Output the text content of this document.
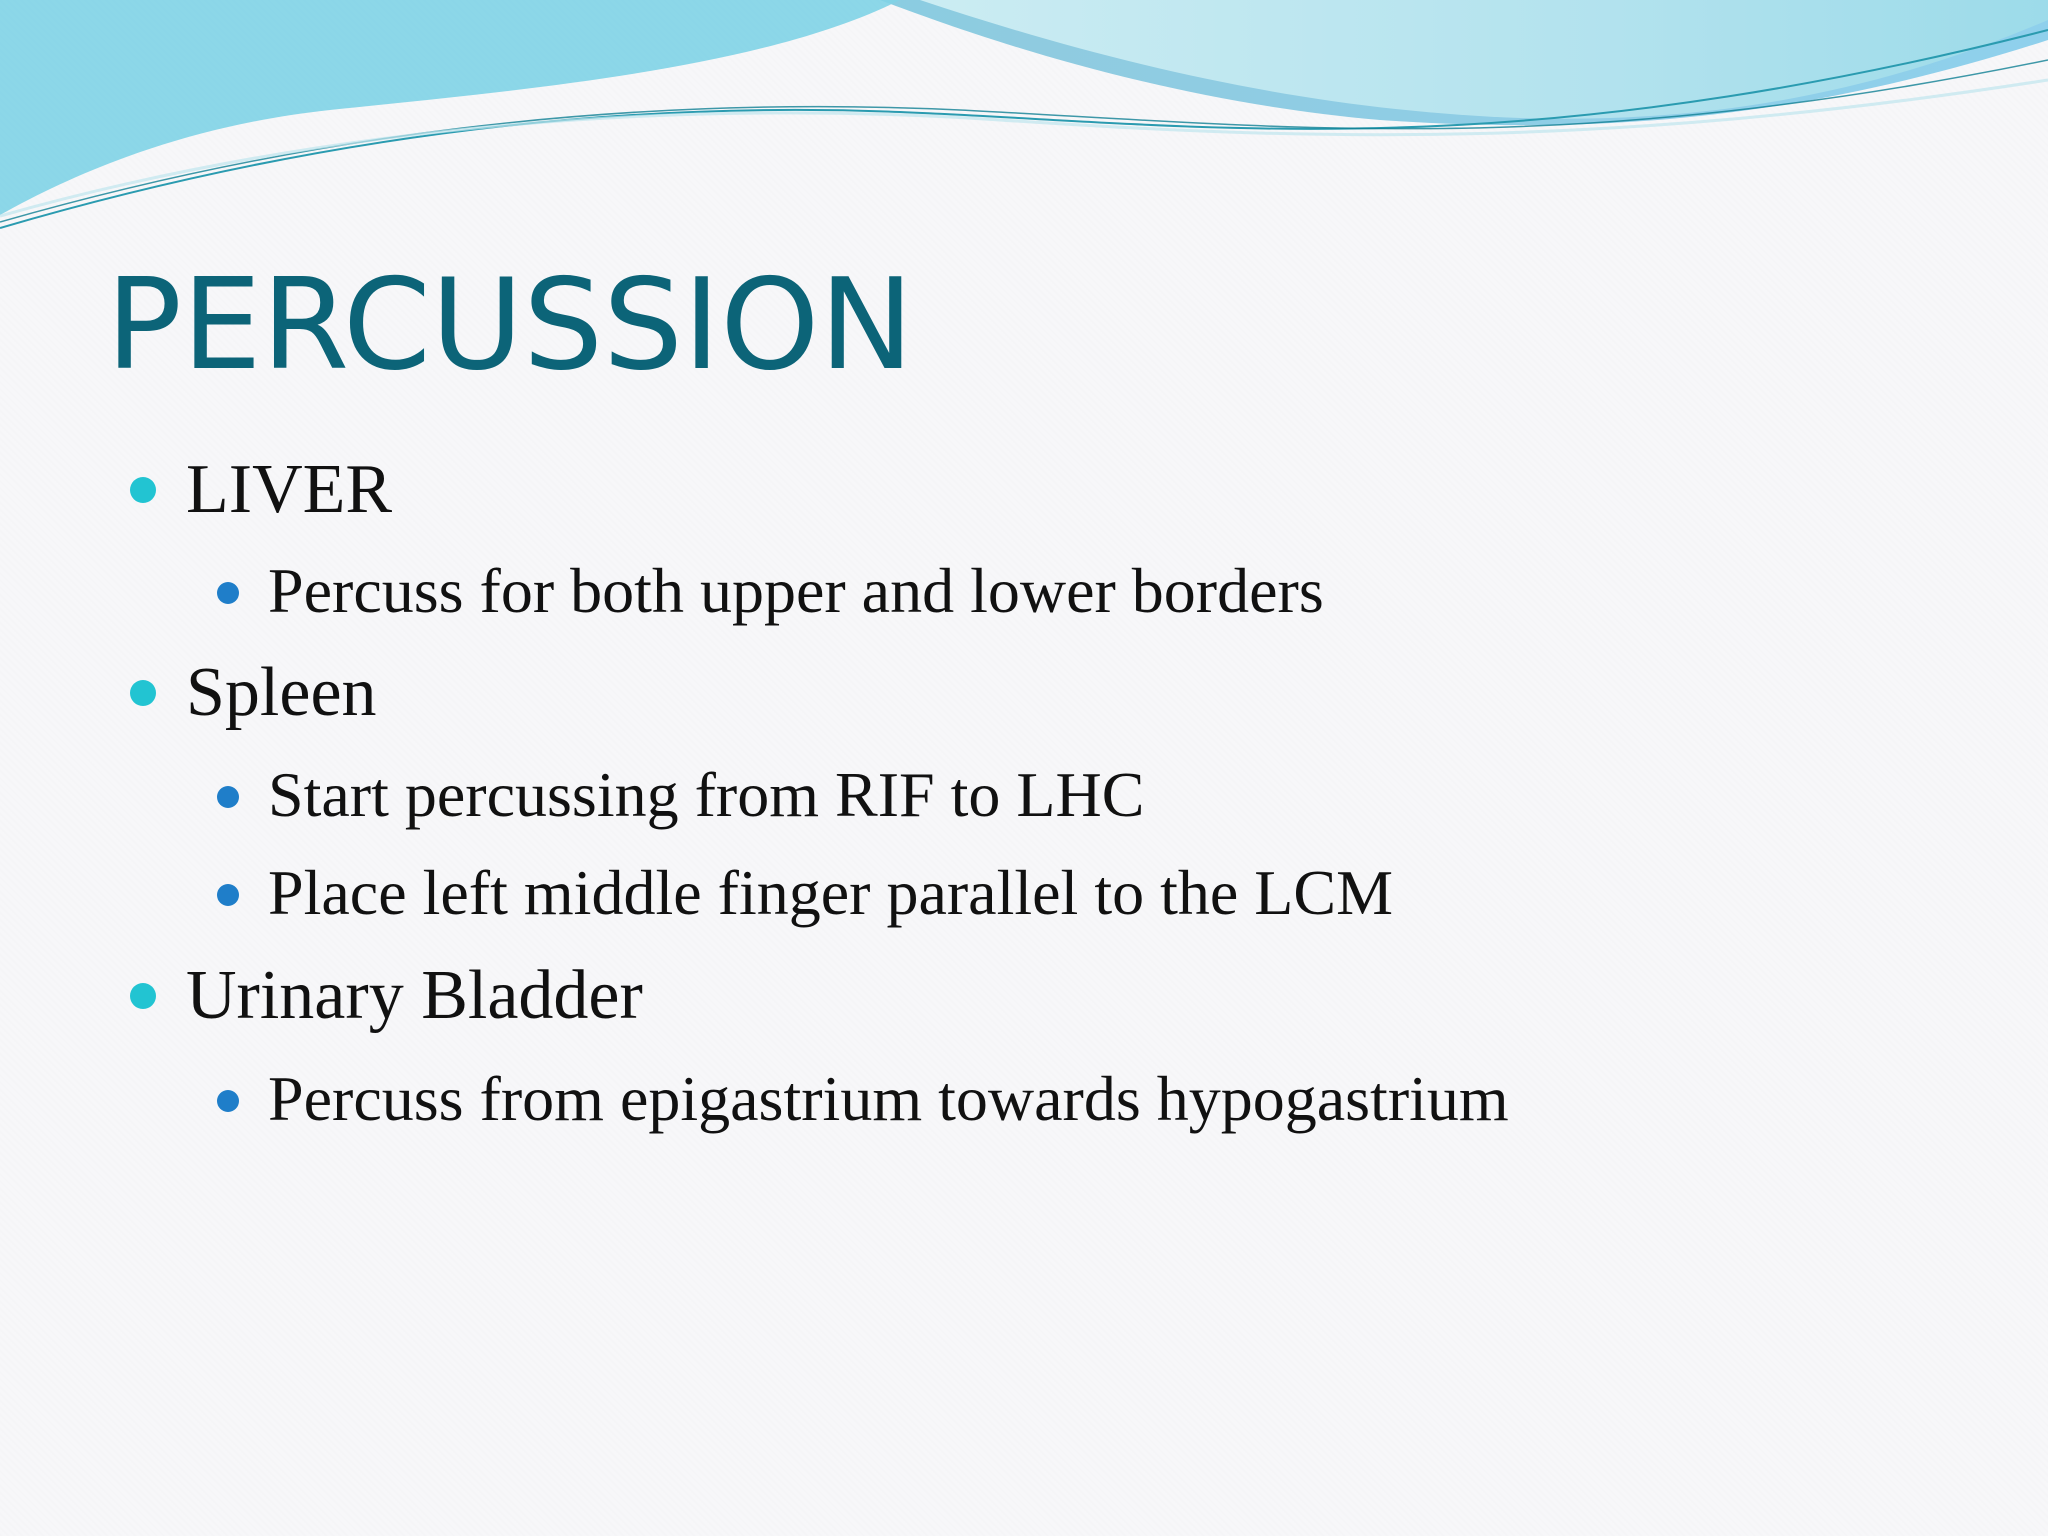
PERCUSSION
LIVER
Percuss for both upper and lower borders
Spleen
Start percussing from RIF to LHC
Place left middle finger parallel to the LCM
Urinary Bladder
Percuss from epigastrium towards hypogastrium
